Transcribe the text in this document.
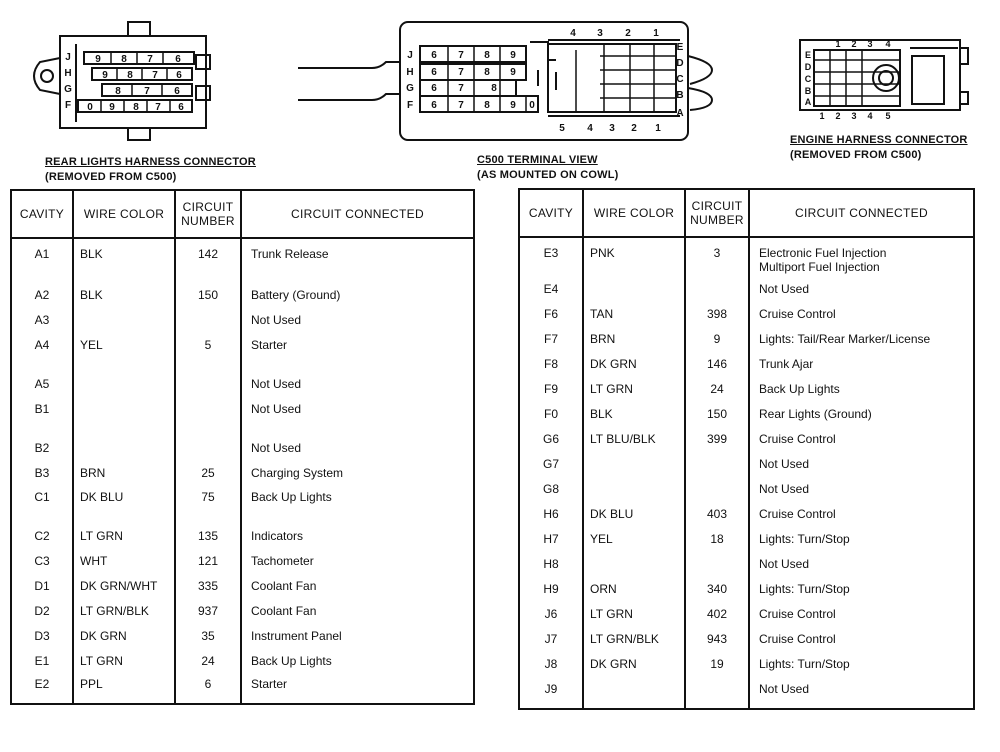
J
H
G
F
9 8 7 6
9 8 7 6
8 7 6
0 9 8 7 6
J
H
G
F
6 7 8 9
6 7 8 9
6 7	8
6 7 8 9 0
E
D
C
B
A
4 3 2 1
5 4 3 2 1
E
D
C
B
A
1 2 3 4
1 2 3 4 5
REAR LIGHTS HARNESS CONNECTOR
(REMOVED FROM C500)
C500 TERMINAL VIEW
(AS MOUNTED ON COWL)
ENGINE HARNESS CONNECTOR
(REMOVED FROM C500)
CAVITY	WIRE COLOR	CIRCUIT
NUMBER	CIRCUIT CONNECTED

A1	BLK	142	Trunk Release
A2	BLK	150	Battery (Ground)
A3			Not Used
A4	YEL	5	Starter
A5			Not Used
B1			Not Used
B2			Not Used
B3	BRN	25	Charging System
C1	DK BLU	75	Back Up Lights
C2	LT GRN	135	Indicators
C3	WHT	121	Tachometer
D1	DK GRN/WHT	335	Coolant Fan
D2	LT GRN/BLK	937	Coolant Fan
D3	DK GRN	35	Instrument Panel
E1	LT GRN	24	Back Up Lights
E2	PPL	6	Starter
CAVITY	WIRE COLOR	CIRCUIT
NUMBER	CIRCUIT CONNECTED

E3	PNK	3	Electronic Fuel Injection
Multiport Fuel Injection

E4			Not Used
F6	TAN	398	Cruise Control
F7	BRN	9	Lights: Tail/Rear Marker/License
F8	DK GRN	146	Trunk Ajar
F9	LT GRN	24	Back Up Lights
F0	BLK	150	Rear Lights (Ground)
G6	LT BLU/BLK	399	Cruise Control
G7			Not Used
G8			Not Used
H6	DK BLU	403	Cruise Control
H7	YEL	18	Lights: Turn/Stop
H8			Not Used
H9	ORN	340	Lights: Turn/Stop
J6	LT GRN	402	Cruise Control
J7	LT GRN/BLK	943	Cruise Control
J8	DK GRN	19	Lights: Turn/Stop
J9			Not Used
